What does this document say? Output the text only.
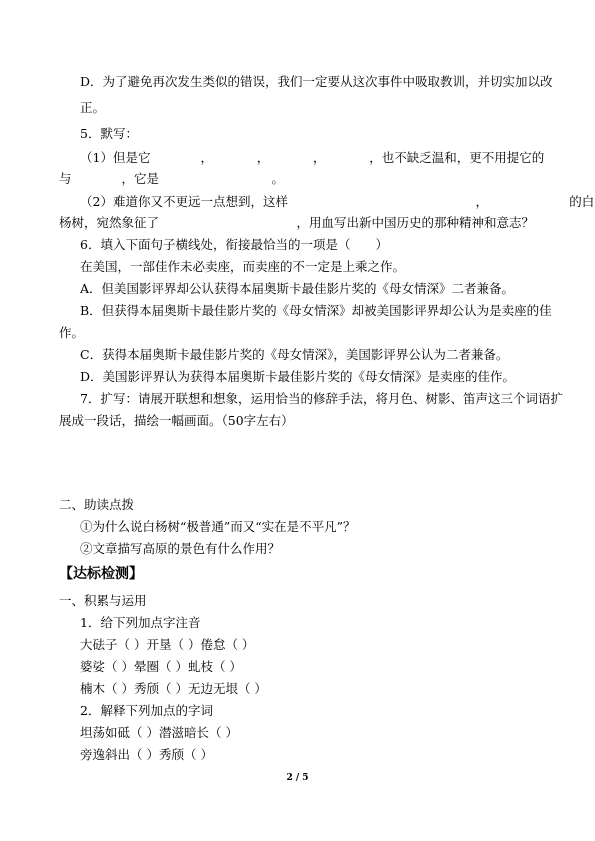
D．为了避免再次发生类似的错误，我们一定要从这次事件中吸取教训，并切实加以改
正。
5．默写：
（1）但是它　　　　，　　　　，　　　　，　　　　，也不缺乏温和，更不用提它的
与　　　　，它是　　　　　　　　　。
（2）难道你又不更远一点想到，这样　　　　　　　　　　　　　　　，　　　　　　　的白
杨树，宛然象征了　　　　　　　　　　　，用血写出新中国历史的那种精神和意志？
6．填入下面句子横线处，衔接最恰当的一项是（　　）
在美国，一部佳作未必卖座，而卖座的不一定是上乘之作。
A．但美国影评界却公认获得本届奥斯卡最佳影片奖的《母女情深》二者兼备。
B．但获得本届奥斯卡最佳影片奖的《母女情深》却被美国影评界却公认为是卖座的佳
作。
C．获得本届奥斯卡最佳影片奖的《母女情深》，美国影评界公认为二者兼备。
D．美国影评界认为获得本届奥斯卡最佳影片奖的《母女情深》是卖座的佳作。
7．扩写：请展开联想和想象，运用恰当的修辞手法，将月色、树影、笛声这三个词语扩
展成一段话，描绘一幅画面。（50字左右）
二、助读点拨
①为什么说白杨树“极普通”而又“实在是不平凡”？
②文章描写高原的景色有什么作用？
【达标检测】
一、积累与运用
1．给下列加点字注音
大砝子（ ）开垦（ ）倦怠（ ）
婆娑（ ）晕圈（ ）虬枝（ ）
楠木（ ）秀颀（ ）无边无垠（ ）
2．解释下列加点的字词
坦荡如砥（ ）潜滋暗长（ ）
旁逸斜出（ ）秀颀（ ）
2 / 5
